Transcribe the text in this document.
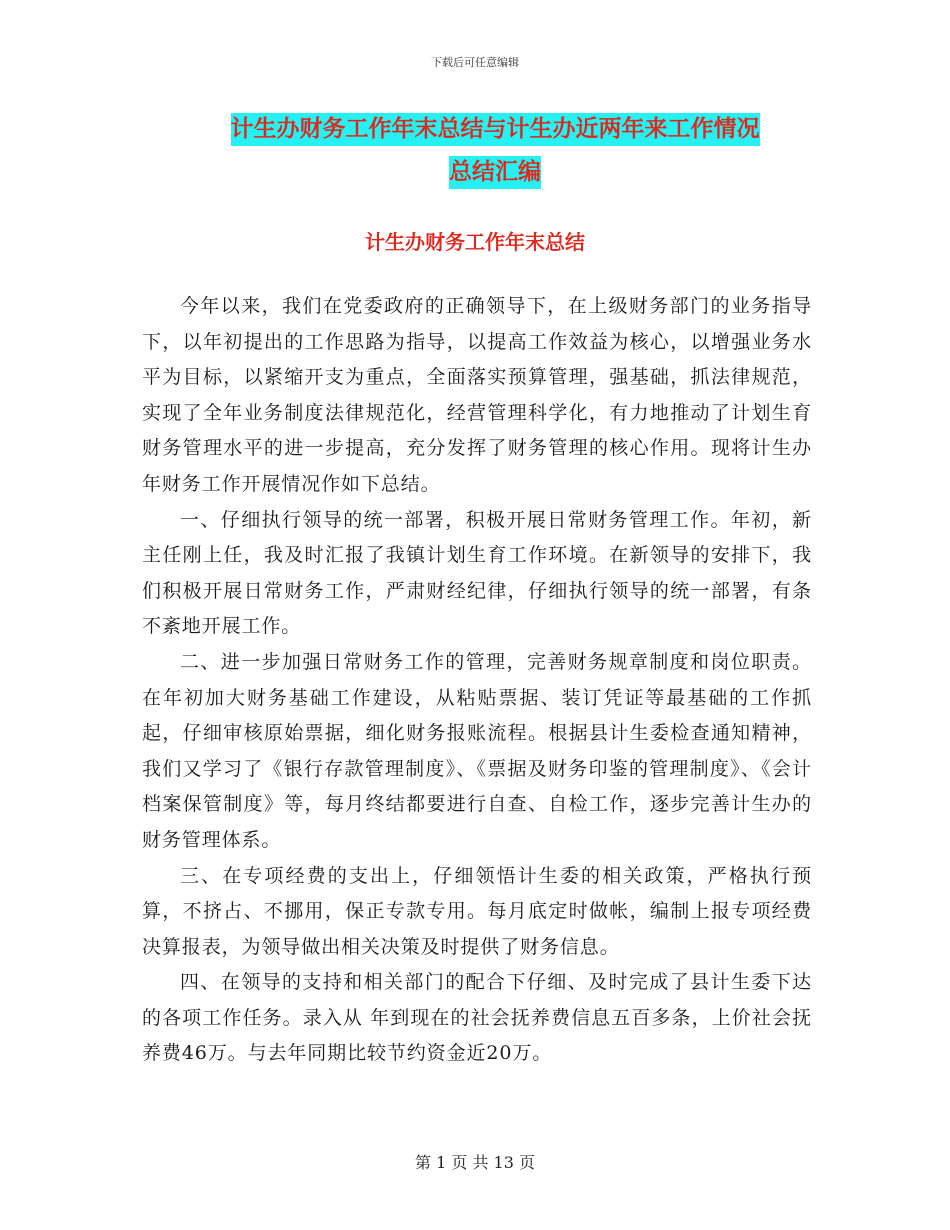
下载后可任意编辑
计生办财务工作年末总结与计生办近两年来工作情况
总结汇编
计生办财务工作年末总结

今年以来，我们在党委政府的正确领导下，在上级财务部门的业务指导下，以年初提出的工作思路为指导，以提高工作效益为核心，以增强业务水平为目标，以紧缩开支为重点，全面落实预算管理，强基础，抓法律规范，实现了全年业务制度法律规范化，经营管理科学化，有力地推动了计划生育财务管理水平的进一步提高，充分发挥了财务管理的核心作用。现将计生办年财务工作开展情况作如下总结。

一、仔细执行领导的统一部署，积极开展日常财务管理工作。年初，新主任刚上任，我及时汇报了我镇计划生育工作环境。在新领导的安排下，我们积极开展日常财务工作，严肃财经纪律，仔细执行领导的统一部署，有条不紊地开展工作。

二、进一步加强日常财务工作的管理，完善财务规章制度和岗位职责。在年初加大财务基础工作建设，从粘贴票据、装订凭证等最基础的工作抓起，仔细审核原始票据，细化财务报账流程。根据县计生委检查通知精神，我们又学习了《银行存款管理制度》、《票据及财务印鉴的管理制度》、《会计档案保管制度》等，每月终结都要进行自查、自检工作，逐步完善计生办的财务管理体系。

三、在专项经费的支出上，仔细领悟计生委的相关政策，严格执行预算，不挤占、不挪用，保正专款专用。每月底定时做帐，编制上报专项经费决算报表，为领导做出相关决策及时提供了财务信息。

四、在领导的支持和相关部门的配合下仔细、及时完成了县计生委下达的各项工作任务。录入从 年到现在的社会抚养费信息五百多条，上价社会抚养费46万。与去年同期比较节约资金近20万。

第 1 页 共 13 页
